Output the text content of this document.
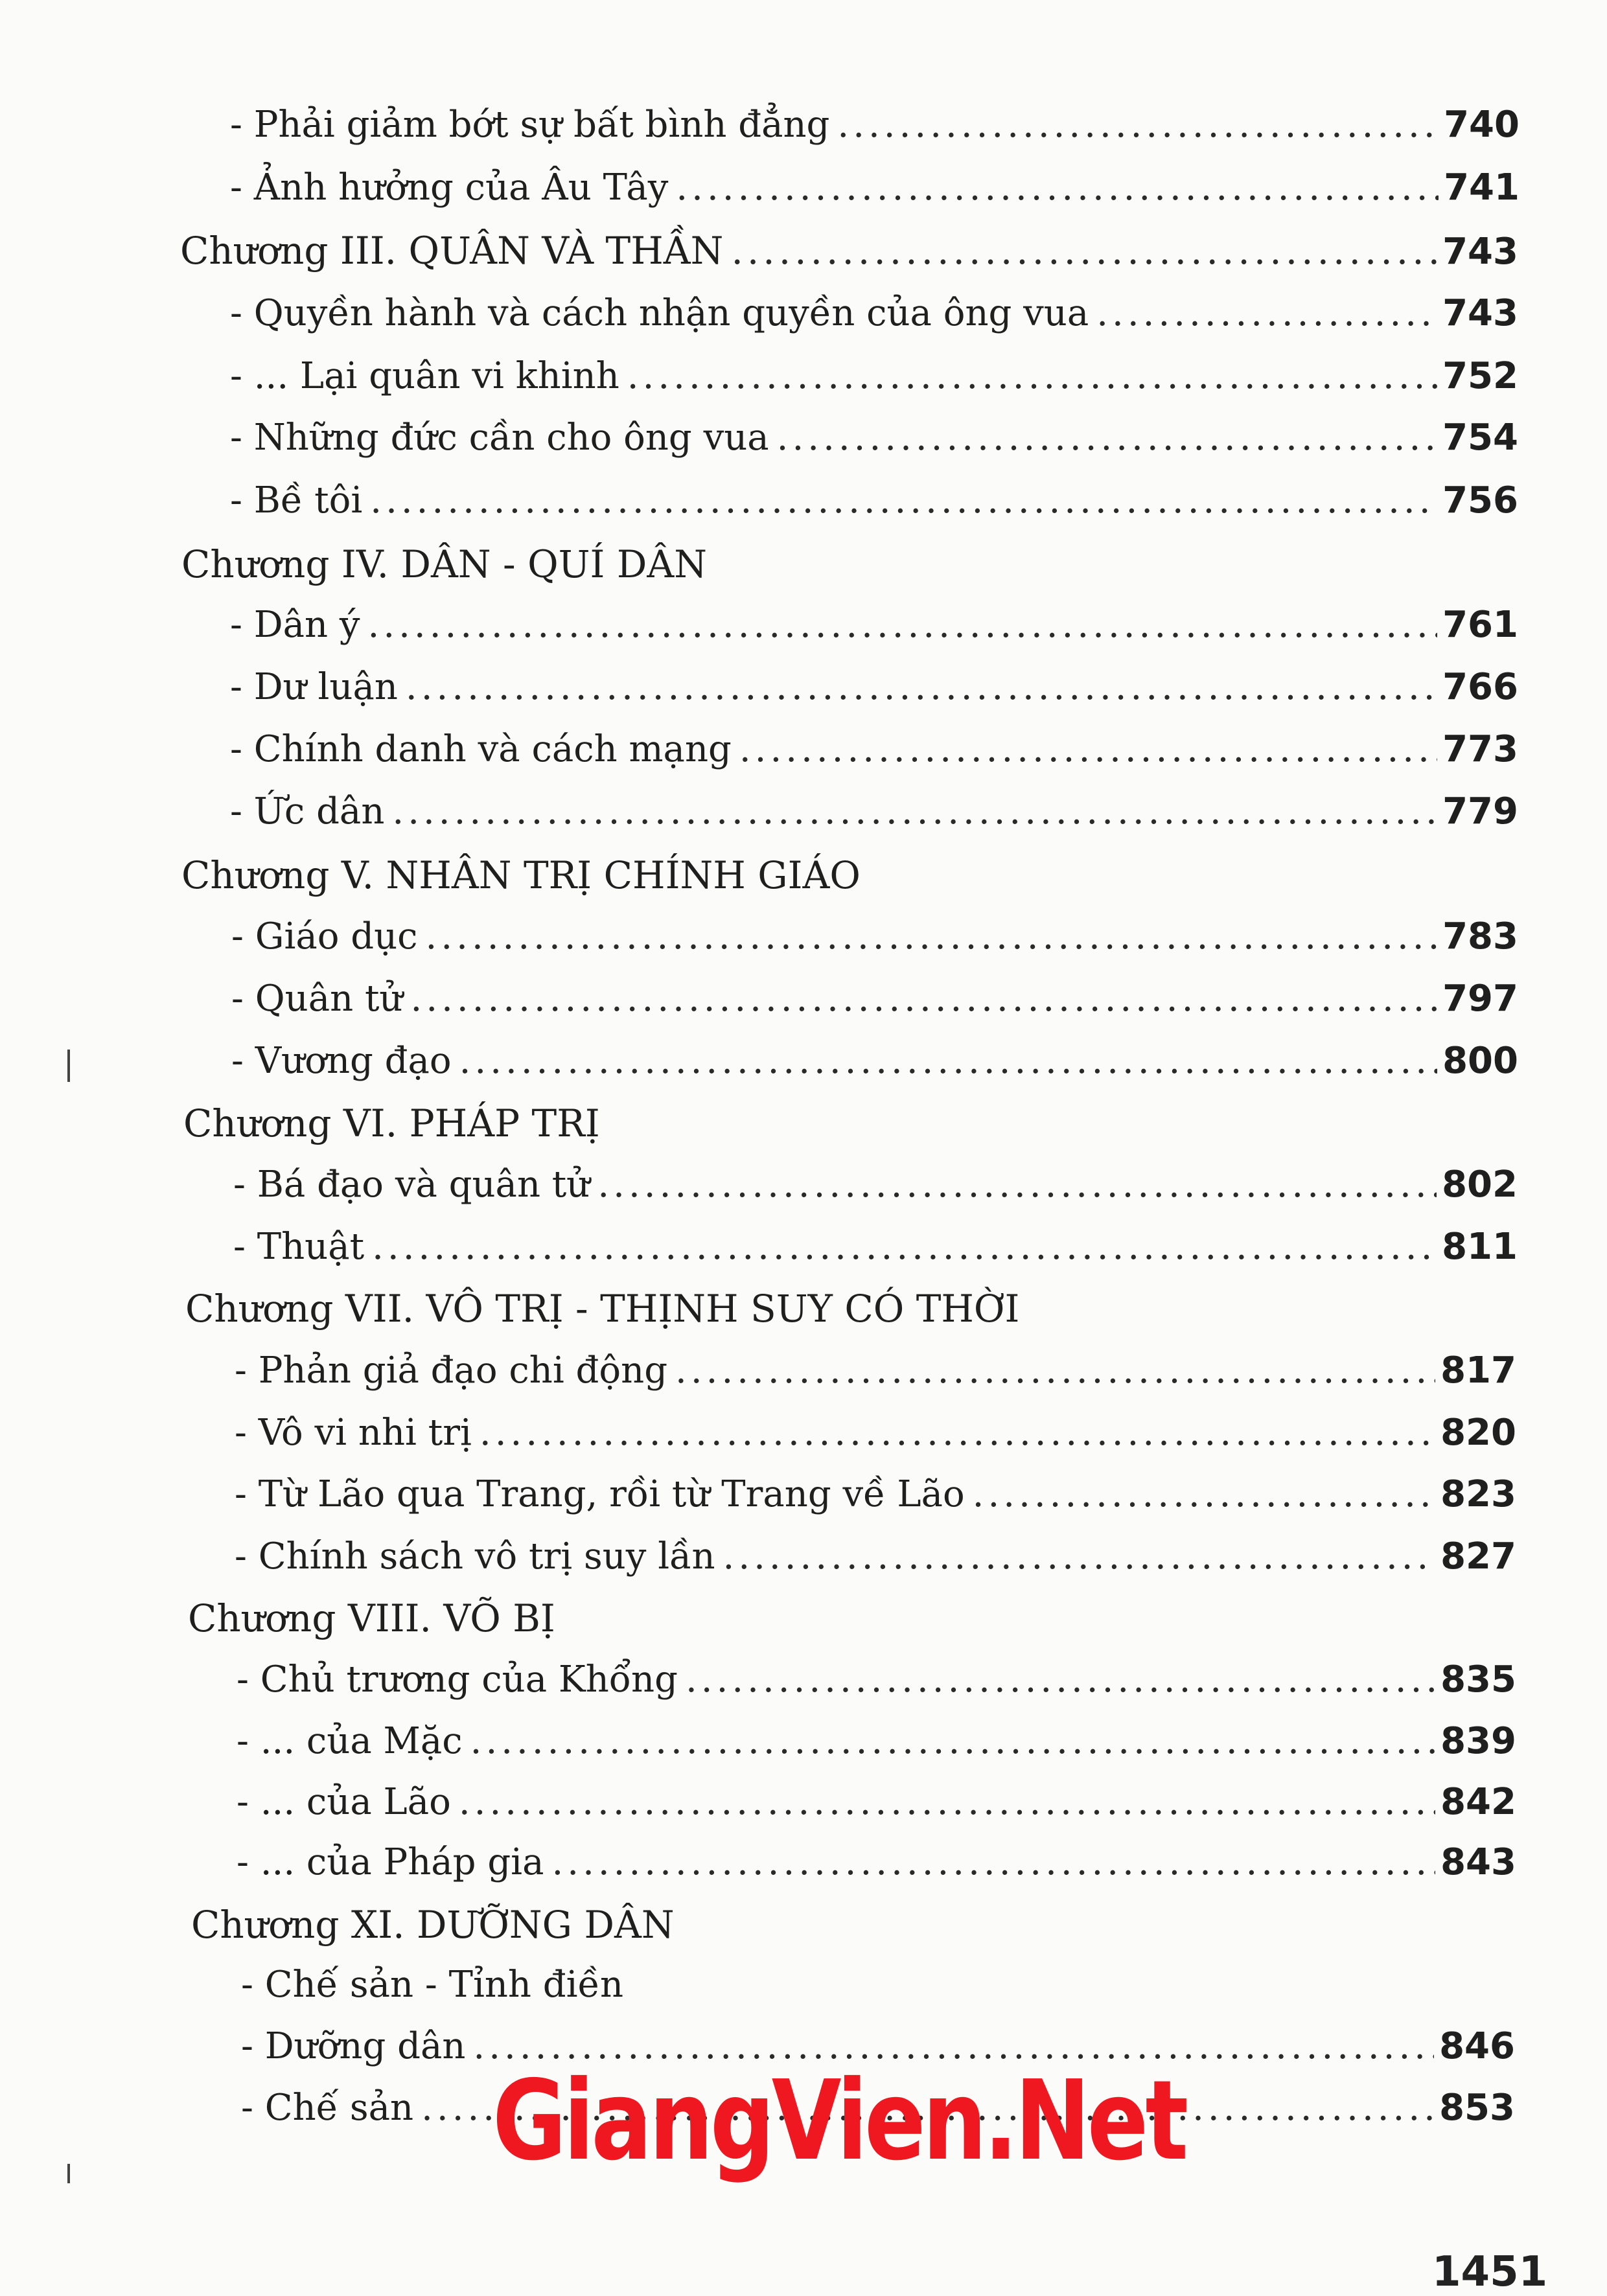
- Phải giảm bớt sự bất bình đẳng .....	740
- Ảnh hưởng của Âu Tây .....	741
Chương III. QUÂN VÀ THẦN .....	743
- Quyền hành và cách nhận quyền của ông vua .....	743
- ... Lại quân vi khinh .....	752
- Những đức cần cho ông vua .....	754
- Bề tôi .....	756
Chương IV. DÂN - QUÍ DÂN
- Dân ý .....	761
- Dư luận .....	766
- Chính danh và cách mạng .....	773
- Ức dân .....	779
Chương V. NHÂN TRỊ CHÍNH GIÁO
- Giáo dục .....	783
- Quân tử .....	797
- Vương đạo .....	800
Chương VI. PHÁP TRỊ
- Bá đạo và quân tử .....	802
- Thuật .....	811
Chương VII. VÔ TRỊ - THỊNH SUY CÓ THỜI
- Phản giả đạo chi động .....	817
- Vô vi nhi trị .....	820
- Từ Lão qua Trang, rồi từ Trang về Lão .....	823
- Chính sách vô trị suy lần .....	827
Chương VIII. VÕ BỊ
- Chủ trương của Khổng .....	835
- ... của Mặc .....	839
- ... của Lão .....	842
- ... của Pháp gia .....	843
Chương XI. DƯỠNG DÂN
- Chế sản - Tỉnh điền
- Dưỡng dân .....	846
- Chế sản .....	853
GiangVien.Net
1451
